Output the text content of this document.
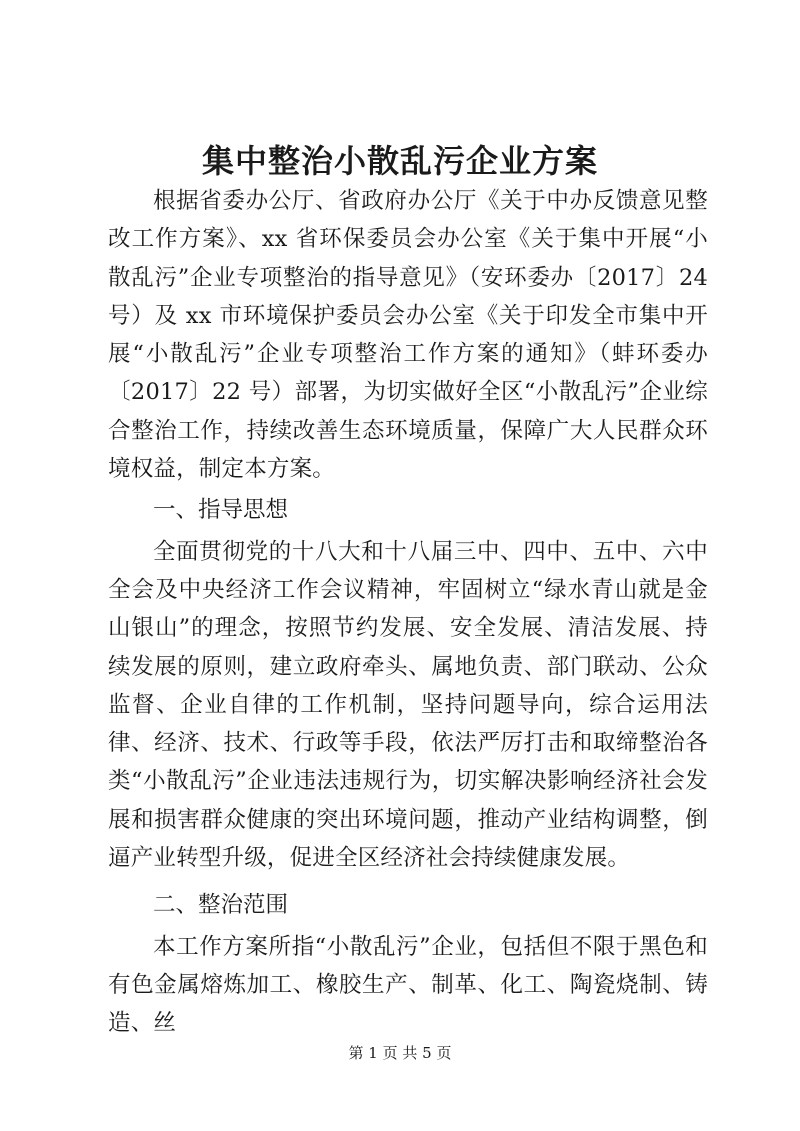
集中整治小散乱污企业方案

根据省委办公厅、省政府办公厅《关于中办反馈意见整改工作方案》、xx 省环保委员会办公室《关于集中开展“小散乱污”企业专项整治的指导意见》（安环委办〔2017〕24 号）及 xx 市环境保护委员会办公室《关于印发全市集中开展“小散乱污”企业专项整治工作方案的通知》（蚌环委办〔2017〕22 号）部署，为切实做好全区“小散乱污”企业综合整治工作，持续改善生态环境质量，保障广大人民群众环境权益，制定本方案。

一、指导思想

全面贯彻党的十八大和十八届三中、四中、五中、六中全会及中央经济工作会议精神，牢固树立“绿水青山就是金山银山”的理念，按照节约发展、安全发展、清洁发展、持续发展的原则，建立政府牵头、属地负责、部门联动、公众监督、企业自律的工作机制，坚持问题导向，综合运用法律、经济、技术、行政等手段，依法严厉打击和取缔整治各类“小散乱污”企业违法违规行为，切实解决影响经济社会发展和损害群众健康的突出环境问题，推动产业结构调整，倒逼产业转型升级，促进全区经济社会持续健康发展。

二、整治范围

本工作方案所指“小散乱污”企业，包括但不限于黑色和有色金属熔炼加工、橡胶生产、制革、化工、陶瓷烧制、铸造、丝

第 1 页 共 5 页
